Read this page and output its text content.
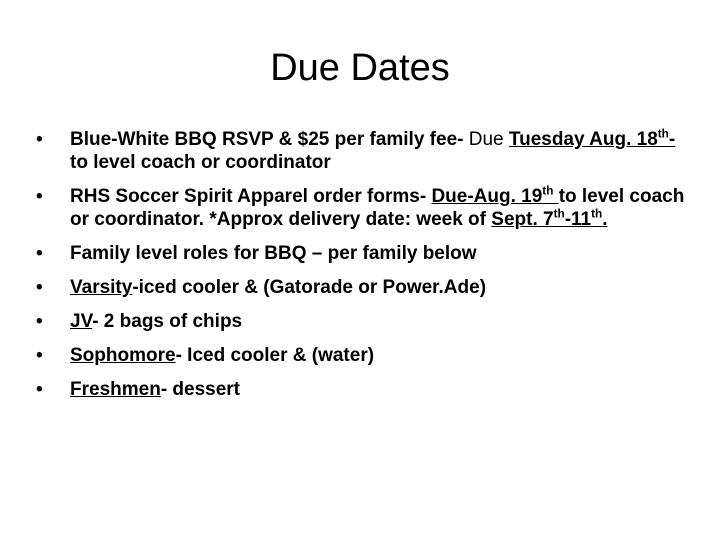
Due Dates
• Blue-White BBQ RSVP & $25 per family fee- Due Tuesday Aug. 18th- to level coach or coordinator
• RHS Soccer Spirit Apparel order forms- Due-Aug. 19th to level coach or coordinator. *Approx delivery date: week of Sept. 7th-11th.
• Family level roles for BBQ – per family below
• Varsity-iced cooler & (Gatorade or Power.Ade)
• JV- 2 bags of chips
• Sophomore- Iced cooler & (water)
• Freshmen- dessert
